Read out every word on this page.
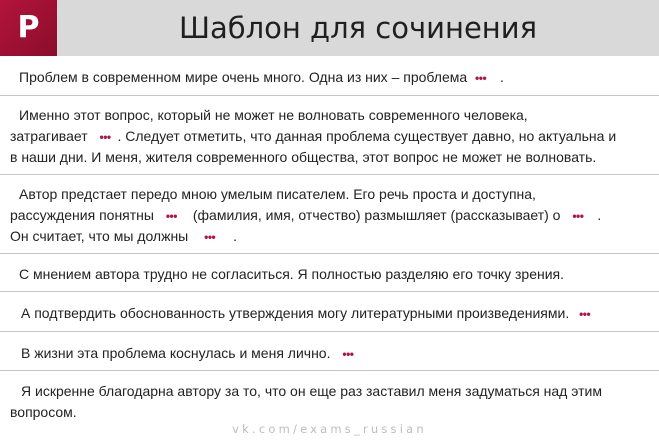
P	Шаблон для сочинения
Проблем в современном мире очень много. Одна из них – проблема ••• .
Именно этот вопрос, который не может не волновать современного человека,
затрагивает ••• . Следует отметить, что данная проблема существует давно, но актуальна и
в наши дни. И меня, жителя современного общества, этот вопрос не может не волновать.
Автор предстает передо мною умелым писателем. Его речь проста и доступна,
рассуждения понятны ••• (фамилия, имя, отчество) размышляет (рассказывает) о ••• .
Он считает, что мы должны ••• .
С мнением автора трудно не согласиться. Я полностью разделяю его точку зрения.
А подтвердить обоснованность утверждения могу литературными произведениями. •••
В жизни эта проблема коснулась и меня лично. •••
Я искренне благодарна автору за то, что он еще раз заставил меня задуматься над этим
вопросом.
vk.com/exams_russian
